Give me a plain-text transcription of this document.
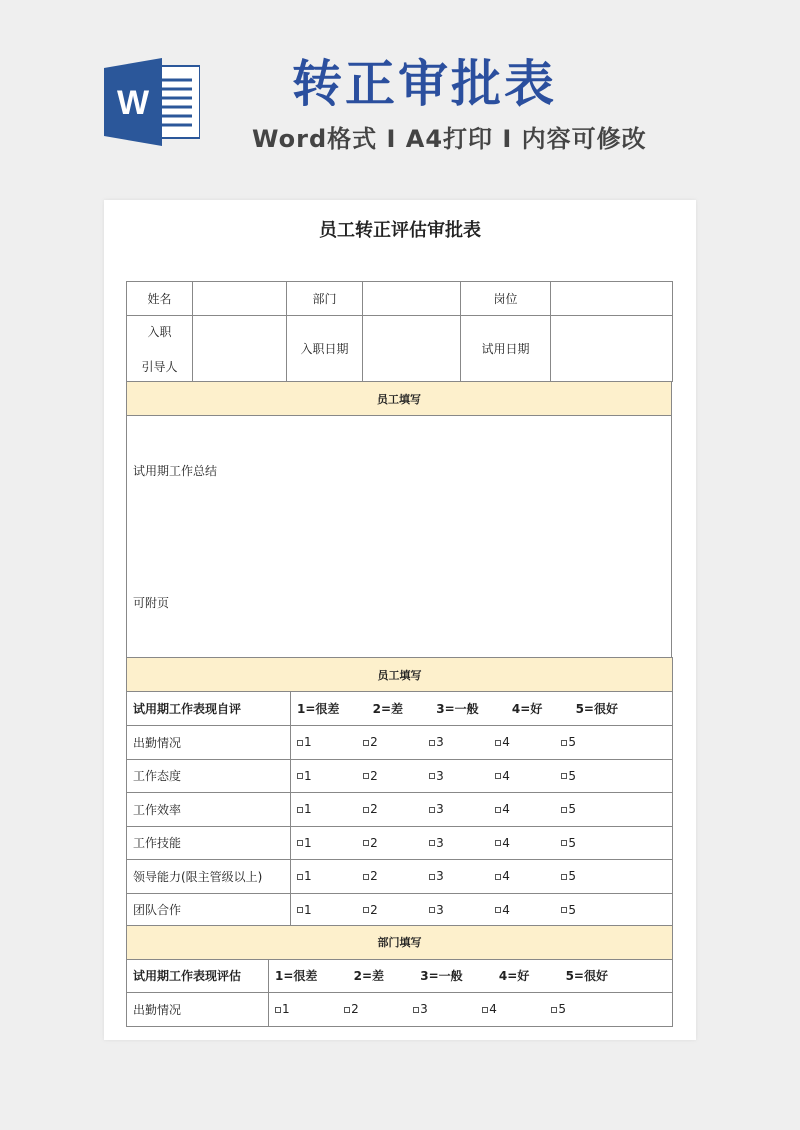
W	转正审批表
Word格式 I A4打印 I 内容可修改
员工转正评估审批表
姓名		部门		岗位	

入职
引导人		入职日期		试用日期	
员工填写

试用期工作总结
可附页
员工填写	
试用期工作表现自评	1=很差 2=差 3=一般 4=好 5=很好

出勤情况	1 2 3 4 5

工作态度	1 2 3 4 5

工作效率	1 2 3 4 5

工作技能	1 2 3 4 5

领导能力(限主管级以上)	1 2 3 4 5

团队合作	1 2 3 4 5
部门填写	
试用期工作表现评估	1=很差 2=差 3=一般 4=好 5=很好

出勤情况	1 2 3 4 5
